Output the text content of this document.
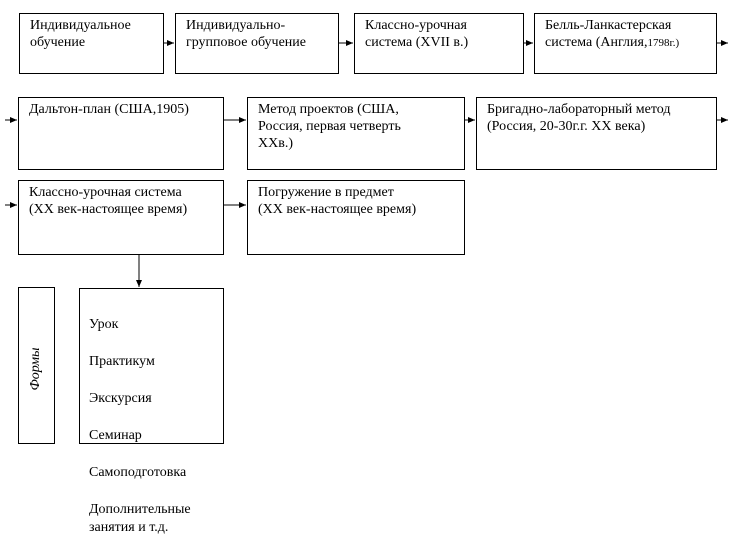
Индивидуальное
обучение
Индивидуально-
групповое обучение
Классно-урочная
система (XVII в.)
Белль-Ланкастерская
система (Англия,1798г.)
Дальтон-план (США,1905)	Метод проектов (США,
Россия, первая четверть
XXв.)
Бригадно-лабораторный метод
(Россия, 20-30г.г. XX века)
Классно-урочная система
(XX век-настоящее время)
Погружение в предмет
(XX век-настоящее время)
Формы

Урок

Практикум

Экскурсия

Семинар

Самоподготовка

Дополнительные
занятия и т.д.
